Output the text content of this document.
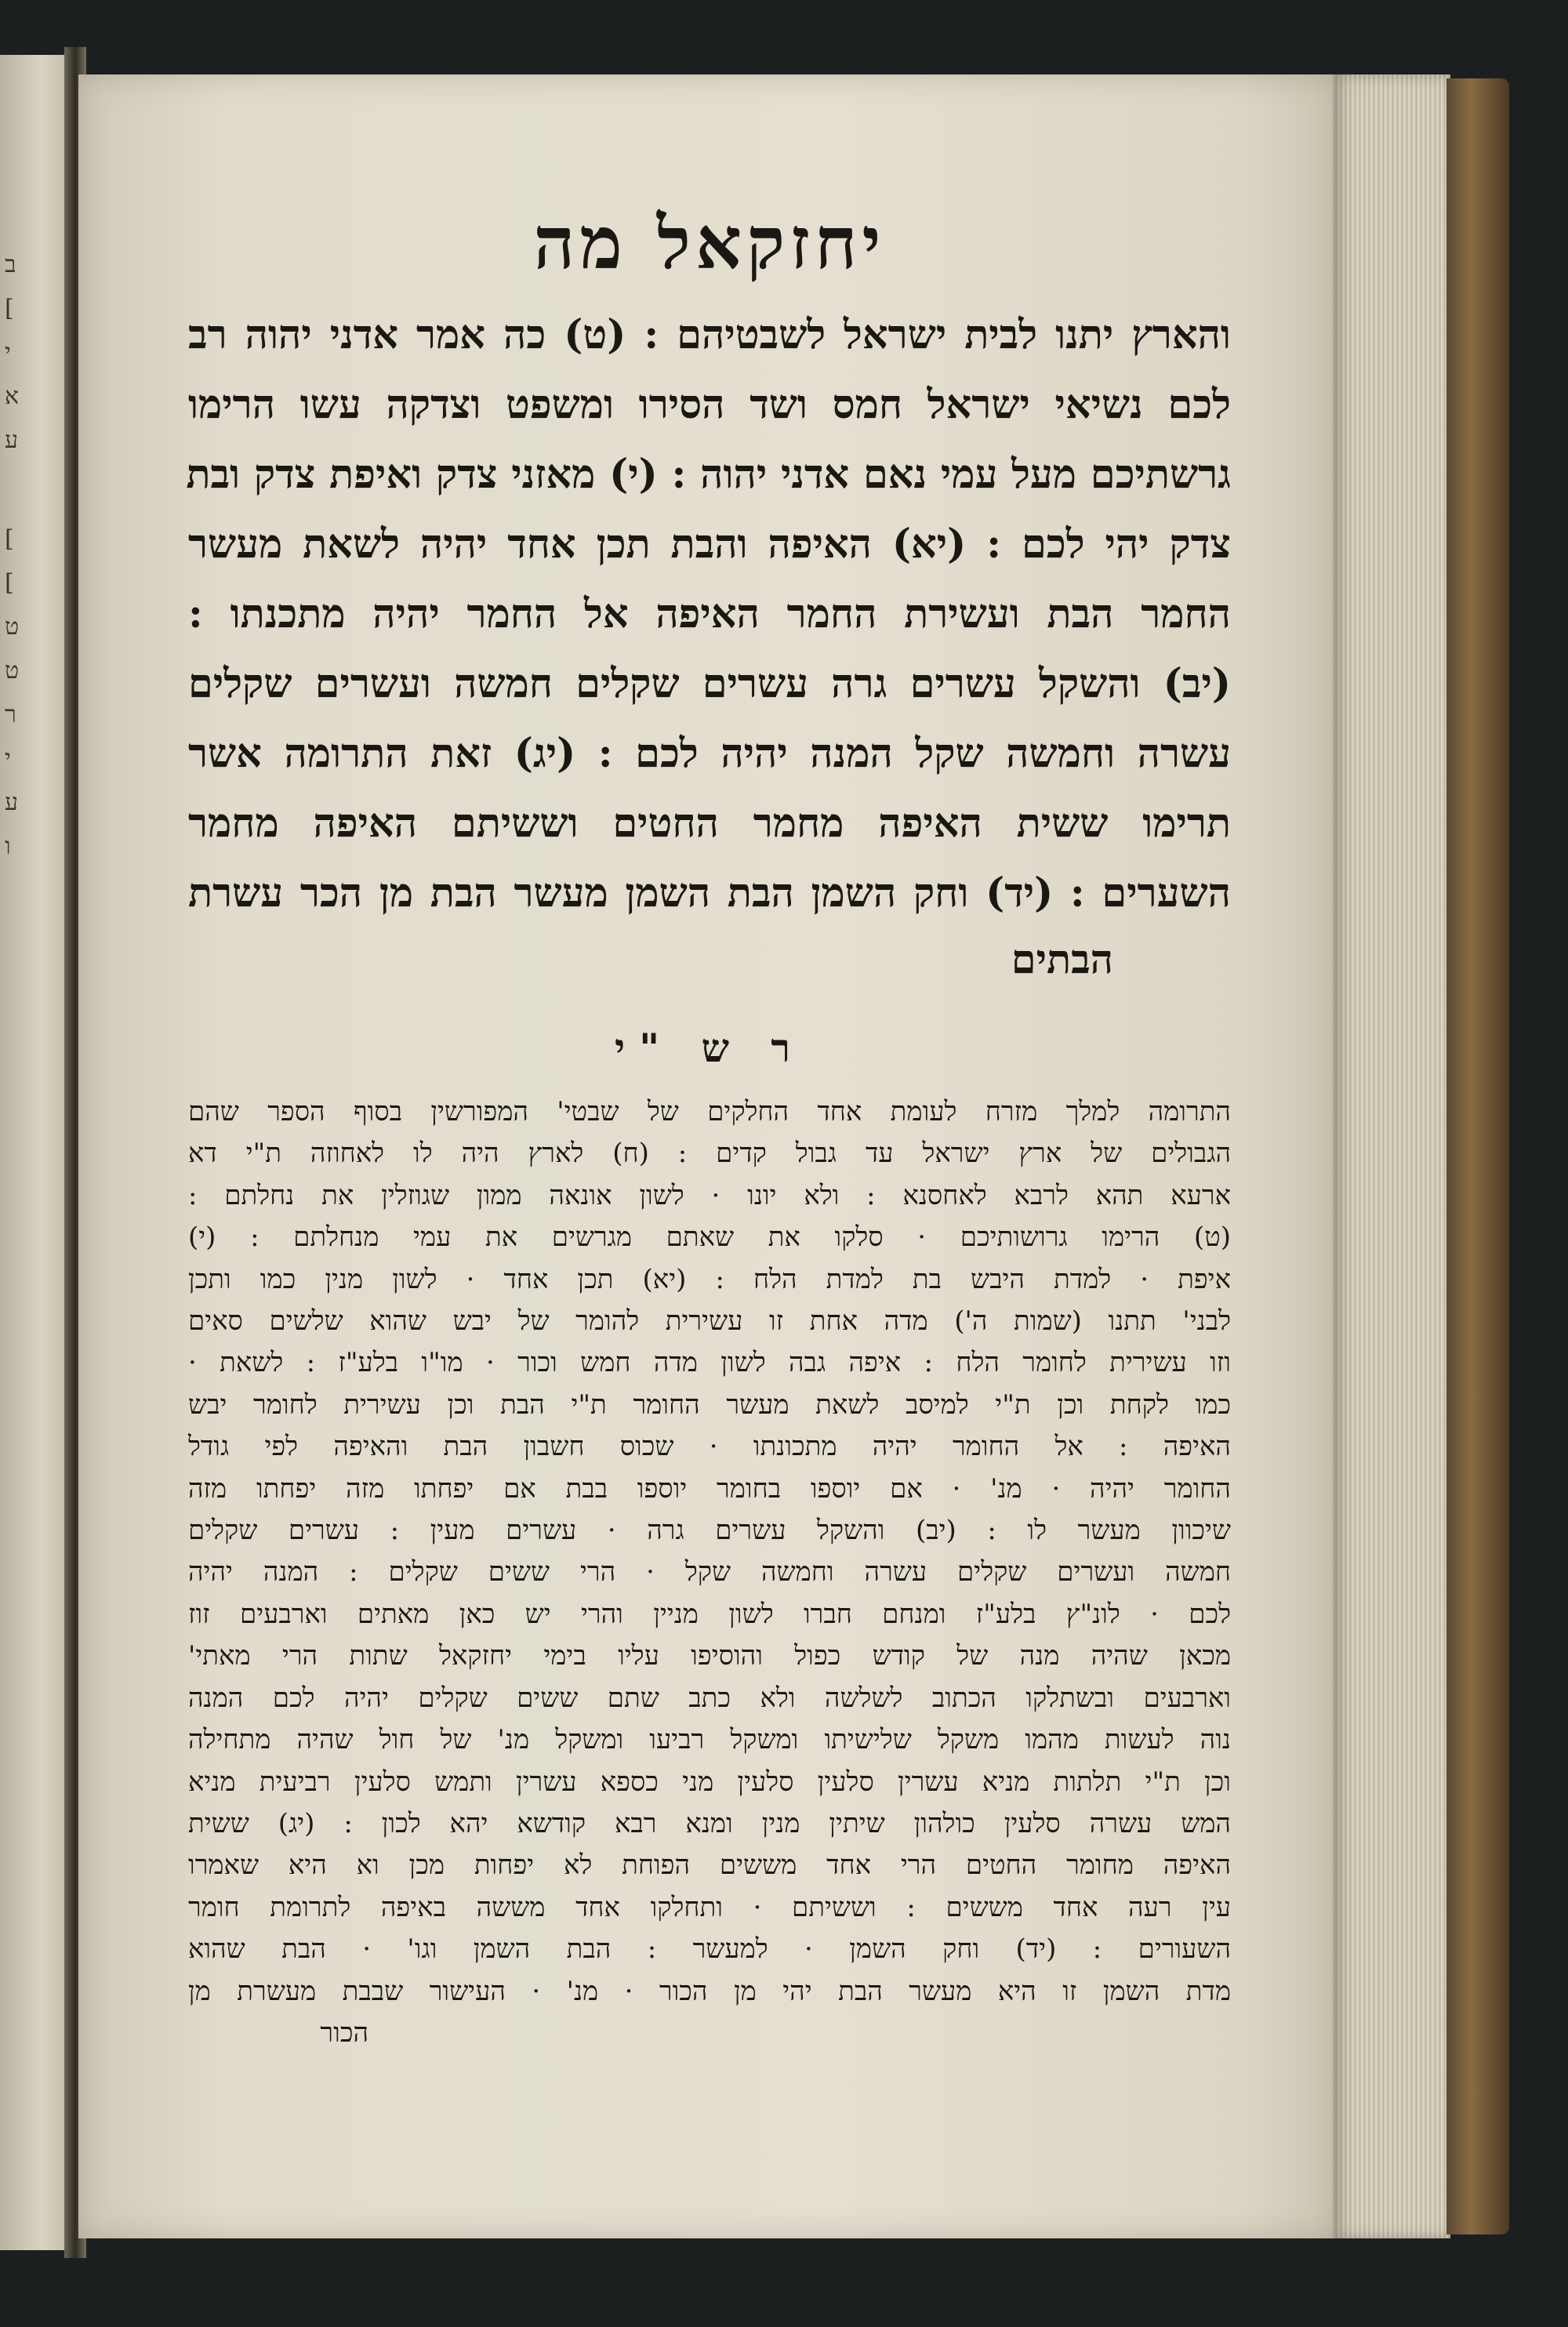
ב
[
י
א
ע
[
[
ט
ט
ר
י
ע
ו
יחזקאל מה
והארץ יתנו לבית ישראל לשבטיהם : (ט) כה אמר אדני יהוה רב
לכם נשיאי ישראל חמס ושד הסירו ומשפט וצדקה עשו הרימו
גרשתיכם מעל עמי נאם אדני יהוה : (י) מאזני צדק ואיפת צדק ובת
צדק יהי לכם : (יא) האיפה והבת תכן אחד יהיה לשאת מעשר
החמר הבת ועשירת החמר האיפה אל החמר יהיה מתכנתו :
(יב) והשקל עשרים גרה עשרים שקלים חמשה ועשרים שקלים
עשרה וחמשה שקל המנה יהיה לכם : (יג) זאת התרומה אשר
תרימו ששית האיפה מחמר החטים וששיתם האיפה מחמר
השערים : (יד) וחק השמן הבת השמן מעשר הבת מן הכר עשרת
הבתים
ר ש "י
התרומה למלך מזרח לעומת אחד החלקים של שבטי' המפורשין בסוף הספר שהם
הגבולים של ארץ ישראל עד גבול קדים : (ח) לארץ היה לו לאחוזה ת"י דא
ארעא תהא לרבא לאחסנא : ולא יונו · לשון אונאה ממון שגוזלין את נחלתם :
(ט) הרימו גרושותיכם · סלקו את שאתם מגרשים את עמי מנחלתם : (י)
איפת · למדת היבש בת למדת הלח : (יא) תכן אחד · לשון מנין כמו ותכן
לבני' תתנו (שמות ה') מדה אחת זו עשירית להומר של יבש שהוא שלשים סאים
וזו עשירית לחומר הלח : איפה גבה לשון מדה חמש וכור · מו"ו בלע"ז : לשאת ·
כמו לקחת וכן ת"י למיסב לשאת מעשר החומר ת"י הבת וכן עשירית לחומר יבש
האיפה : אל החומר יהיה מתכונתו · שכוס חשבון הבת והאיפה לפי גודל
החומר יהיה · מנ' · אם יוספו בחומר יוספו בבת אם יפחתו מזה יפחתו מזה
שיכוון מעשר לו : (יב) והשקל עשרים גרה · עשרים מעין : עשרים שקלים
חמשה ועשרים שקלים עשרה וחמשה שקל · הרי ששים שקלים : המנה יהיה
לכם · לונ"ץ בלע"ז ומנחם חברו לשון מניין והרי יש כאן מאתים וארבעים זוז
מכאן שהיה מנה של קודש כפול והוסיפו עליו בימי יחזקאל שתות הרי מאתי'
וארבעים ובשתלקו הכתוב לשלשה ולא כתב שתם ששים שקלים יהיה לכם המנה
נוה לעשות מהמו משקל שלישיתו ומשקל רביעו ומשקל מנ' של חול שהיה מתחילה
וכן ת"י תלתות מניא עשרין סלעין סלעין מני כספא עשרין ותמש סלעין רביעית מניא
המש עשרה סלעין כולהון שיתין מנין ומנא רבא קודשא יהא לכון : (יג) ששית
האיפה מחומר החטים הרי אחד מששים הפוחת לא יפחות מכן וא היא שאמרו
עין רעה אחד מששים : וששיתם · ותחלקו אחד מששה באיפה לתרומת חומר
השעורים : (יד) וחק השמן · למעשר : הבת השמן וגו' · הבת שהוא
מדת השמן זו היא מעשר הבת יהי מן הכור · מנ' · העישור שבבת מעשרת מן
הכור
